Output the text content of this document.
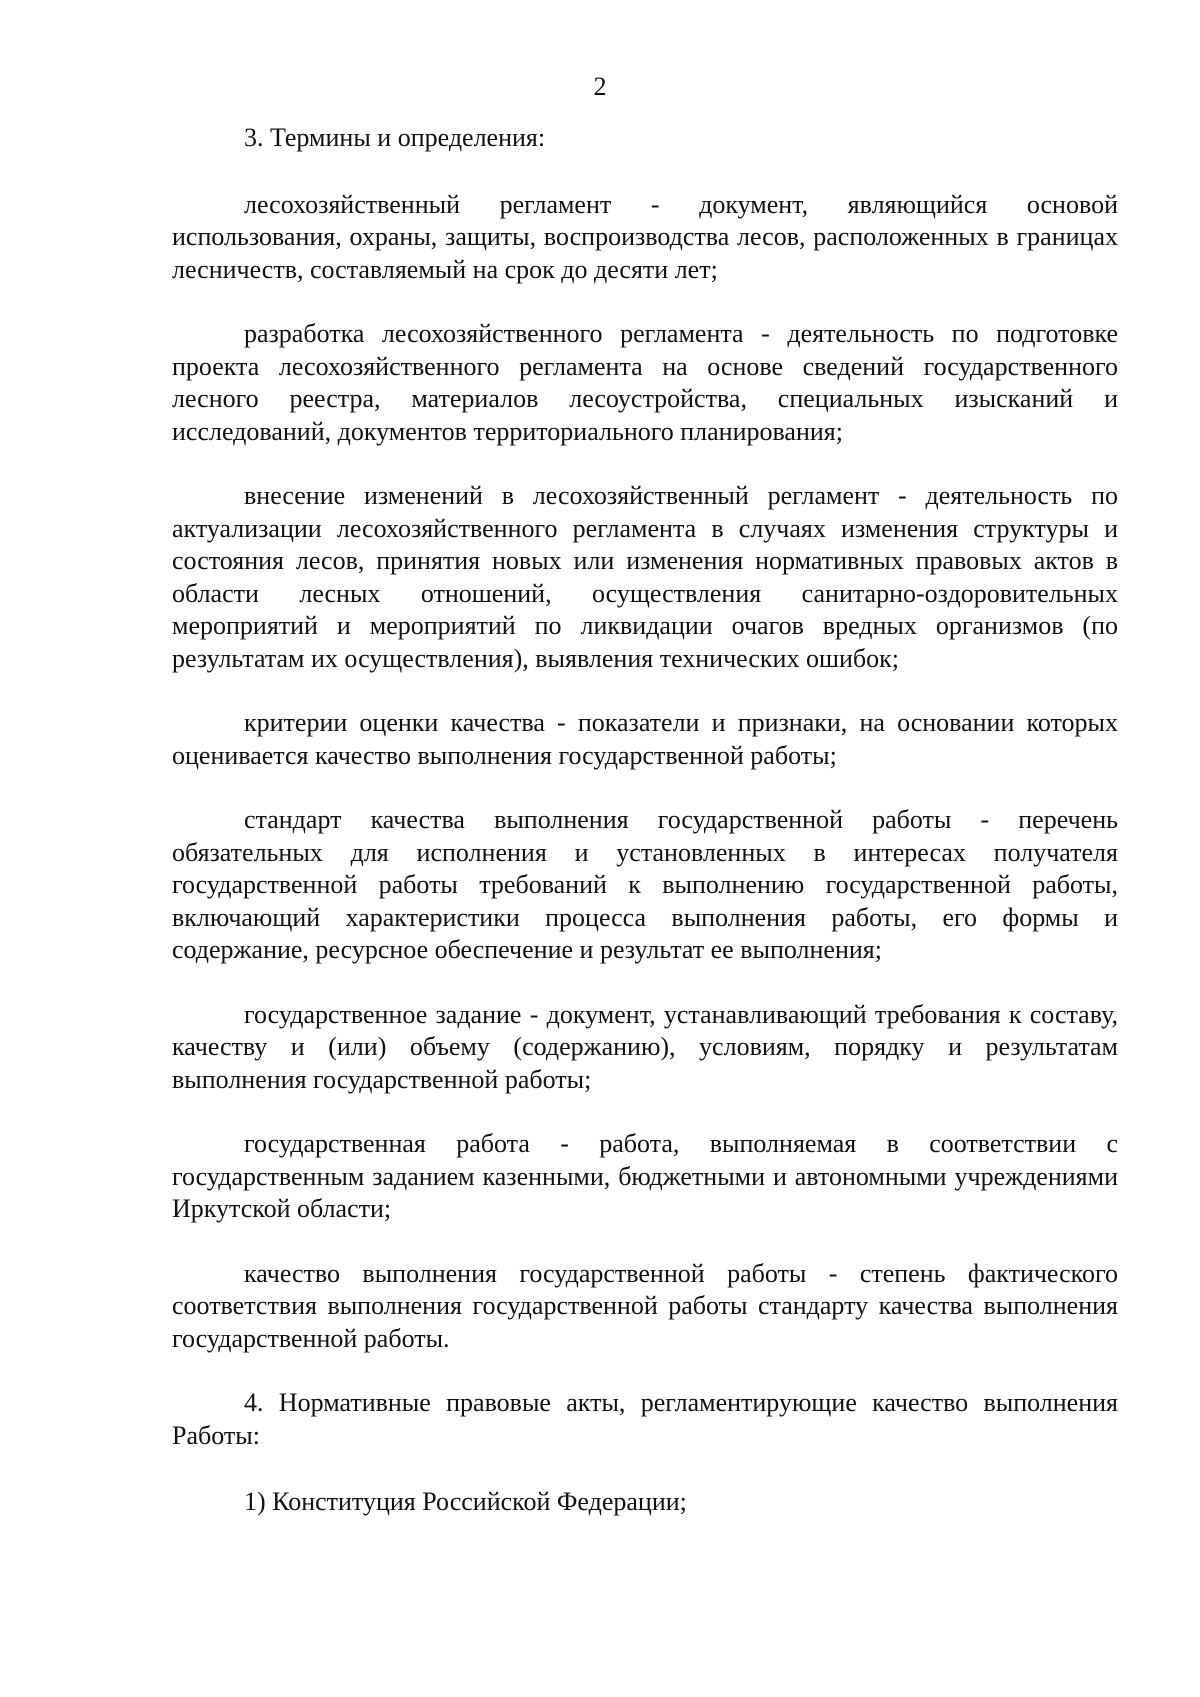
2

3. Термины и определения:

лесохозяйственный регламент - документ, являющийся основой использования, охраны, защиты, воспроизводства лесов, расположенных в границах лесничеств, составляемый на срок до десяти лет;

разработка лесохозяйственного регламента - деятельность по подготовке проекта лесохозяйственного регламента на основе сведений государственного лесного реестра, материалов лесоустройства, специальных изысканий и исследований, документов территориального планирования;

внесение изменений в лесохозяйственный регламент - деятельность по актуализации лесохозяйственного регламента в случаях изменения структуры и состояния лесов, принятия новых или изменения нормативных правовых актов в области лесных отношений, осуществления санитарно-оздоровительных мероприятий и мероприятий по ликвидации очагов вредных организмов (по результатам их осуществления), выявления технических ошибок;

критерии оценки качества - показатели и признаки, на основании которых оценивается качество выполнения государственной работы;

стандарт качества выполнения государственной работы - перечень обязательных для исполнения и установленных в интересах получателя государственной работы требований к выполнению государственной работы, включающий характеристики процесса выполнения работы, его формы и содержание, ресурсное обеспечение и результат ее выполнения;

государственное задание - документ, устанавливающий требования к составу, качеству и (или) объему (содержанию), условиям, порядку и результатам выполнения государственной работы;

государственная работа - работа, выполняемая в соответствии с государственным заданием казенными, бюджетными и автономными учреждениями Иркутской области;

качество выполнения государственной работы - степень фактического соответствия выполнения государственной работы стандарту качества выполнения государственной работы.

4. Нормативные правовые акты, регламентирующие качество выполнения Работы:

1) Конституция Российской Федерации;
